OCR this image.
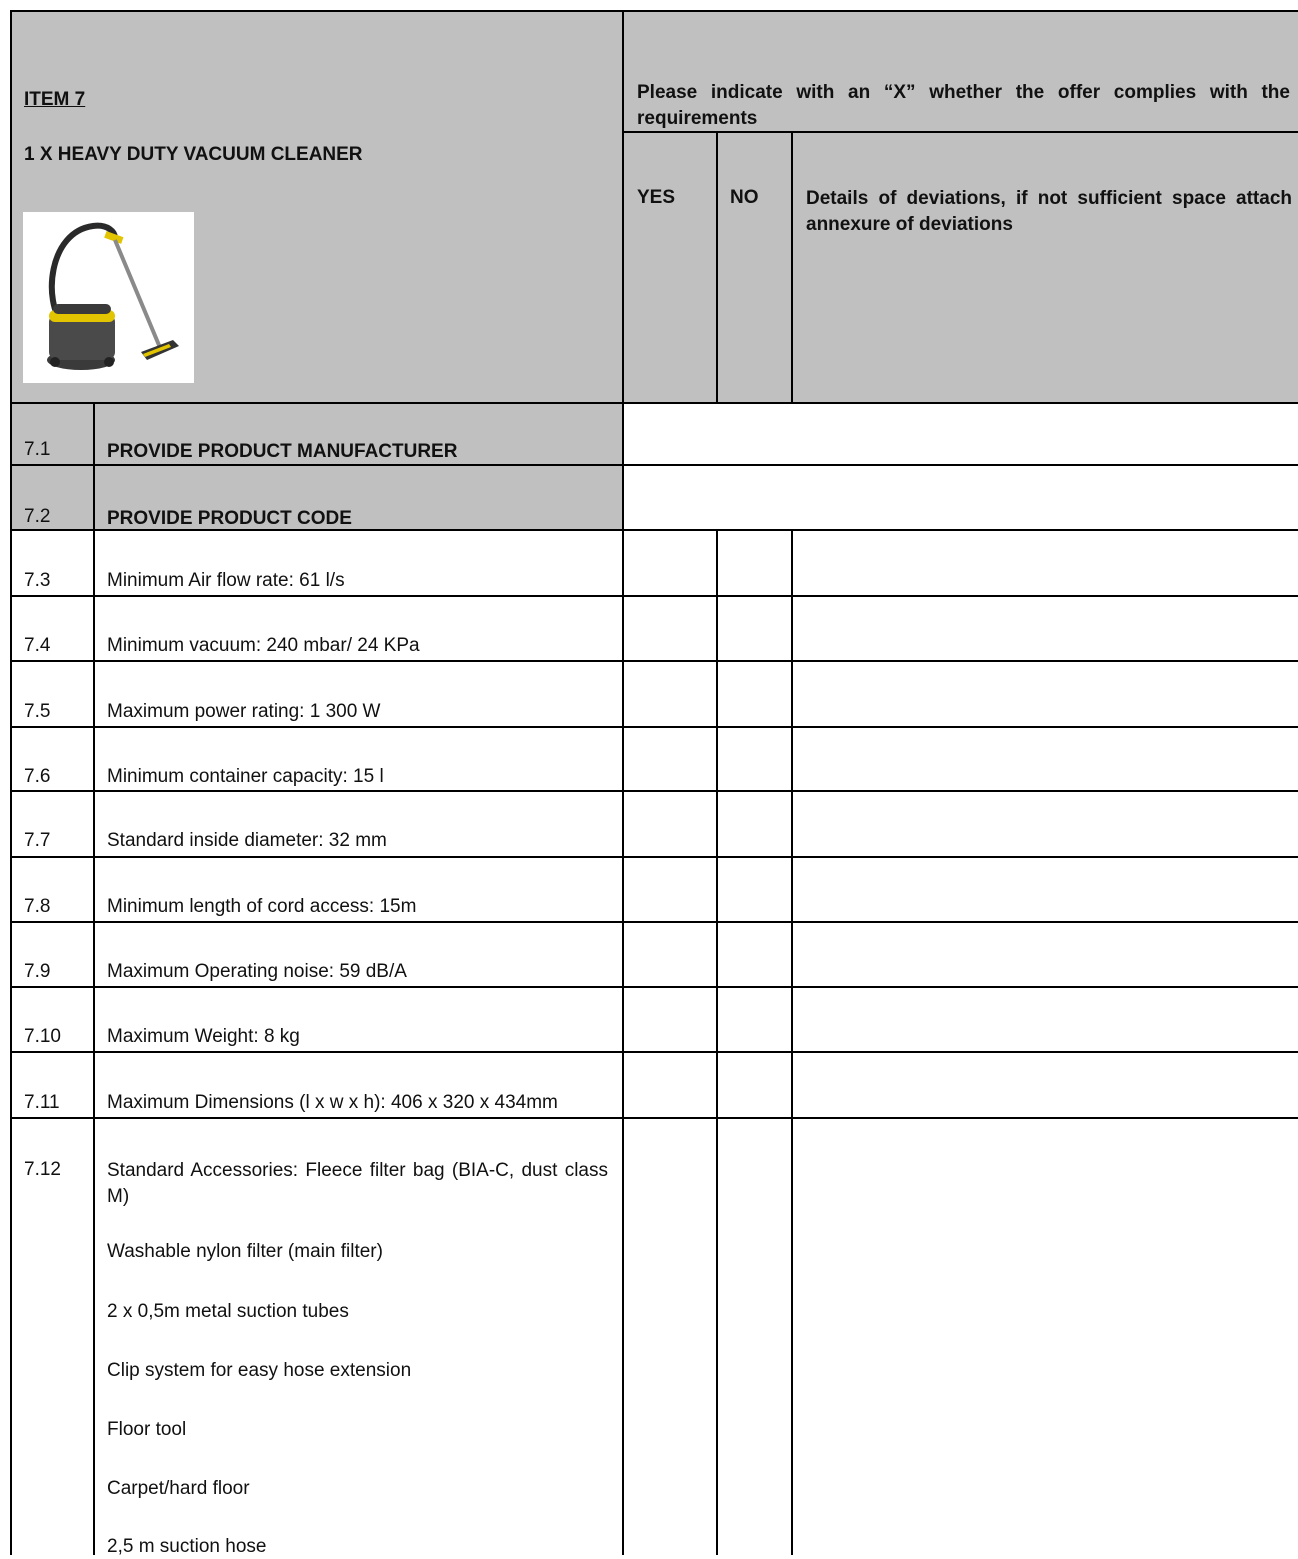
ITEM 7
1 X HEAVY DUTY VACUUM CLEANER
Please indicate with an “X” whether the offer complies with the requirements
YES	NO	Details of deviations, if not sufficient space attach annexure of deviations
7.1	PROVIDE PRODUCT MANUFACTURER
7.2	PROVIDE PRODUCT CODE
7.3	Minimum Air flow rate: 61 l/s
7.4	Minimum vacuum: 240 mbar/ 24 KPa
7.5	Maximum power rating: 1 300 W
7.6	Minimum container capacity: 15 l
7.7	Standard inside diameter: 32 mm
7.8	Minimum length of cord access: 15m
7.9	Maximum Operating noise: 59 dB/A
7.10 Maximum Weight: 8 kg
7.11 Maximum Dimensions (l x w x h): 406 x 320 x 434mm
7.12 Standard Accessories: Fleece filter bag (BIA-C, dust class M)
Washable nylon filter (main filter)
2 x 0,5m metal suction tubes
Clip system for easy hose extension
Floor tool
Carpet/hard floor
2,5 m suction hose
